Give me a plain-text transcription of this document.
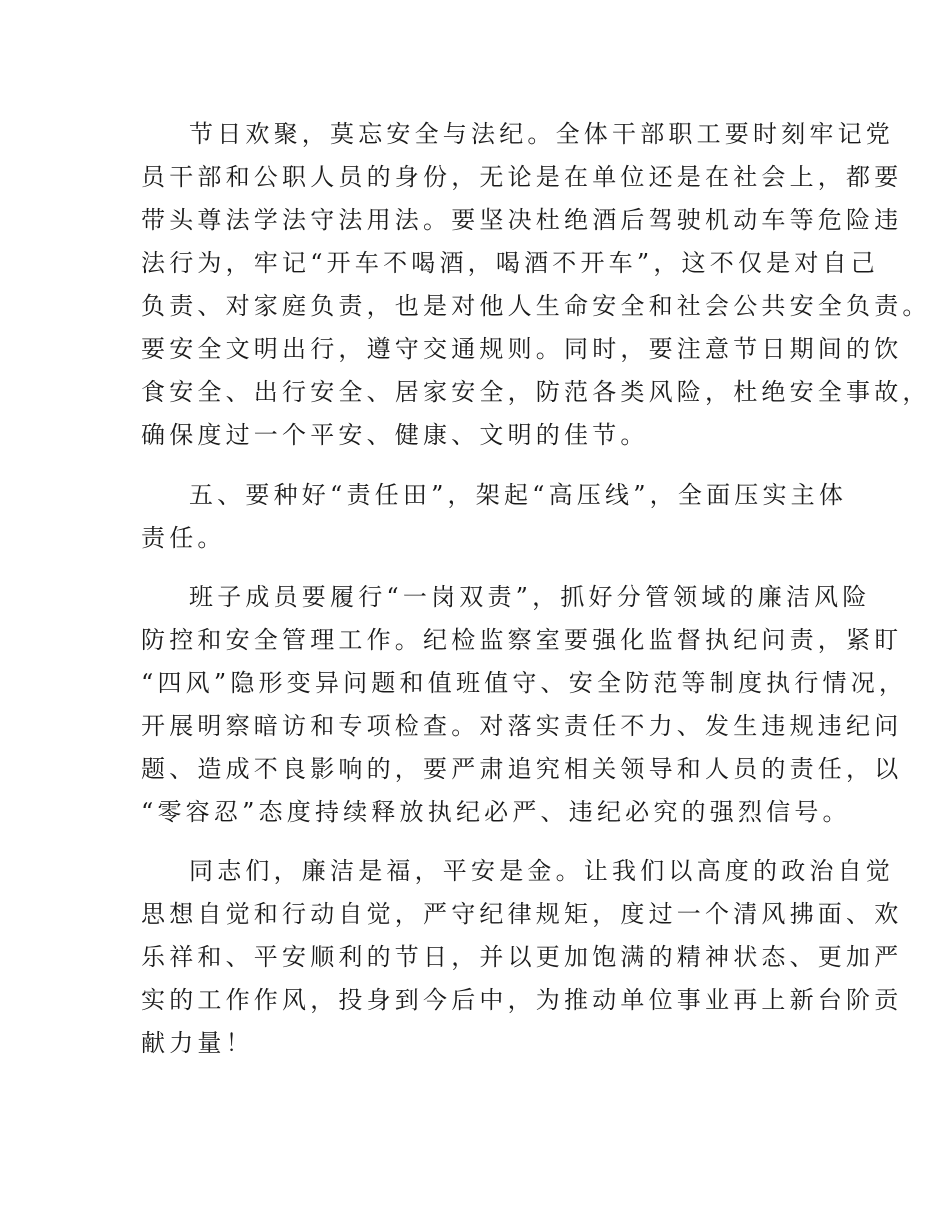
节日欢聚，莫忘安全与法纪。全体干部职工要时刻牢记党
员干部和公职人员的身份，无论是在单位还是在社会上，都要
带头尊法学法守法用法。要坚决杜绝酒后驾驶机动车等危险违
法行为，牢记“开车不喝酒，喝酒不开车”，这不仅是对自己
负责、对家庭负责，也是对他人生命安全和社会公共安全负责。
要安全文明出行，遵守交通规则。同时，要注意节日期间的饮
食安全、出行安全、居家安全，防范各类风险，杜绝安全事故，
确保度过一个平安、健康、文明的佳节。
五、要种好“责任田”，架起“高压线”，全面压实主体
责任。
班子成员要履行“一岗双责”，抓好分管领域的廉洁风险
防控和安全管理工作。纪检监察室要强化监督执纪问责，紧盯
“四风”隐形变异问题和值班值守、安全防范等制度执行情况，
开展明察暗访和专项检查。对落实责任不力、发生违规违纪问
题、造成不良影响的，要严肃追究相关领导和人员的责任，以
“零容忍”态度持续释放执纪必严、违纪必究的强烈信号。
同志们，廉洁是福，平安是金。让我们以高度的政治自觉
思想自觉和行动自觉，严守纪律规矩，度过一个清风拂面、欢
乐祥和、平安顺利的节日，并以更加饱满的精神状态、更加严
实的工作作风，投身到今后中，为推动单位事业再上新台阶贡
献力量！
